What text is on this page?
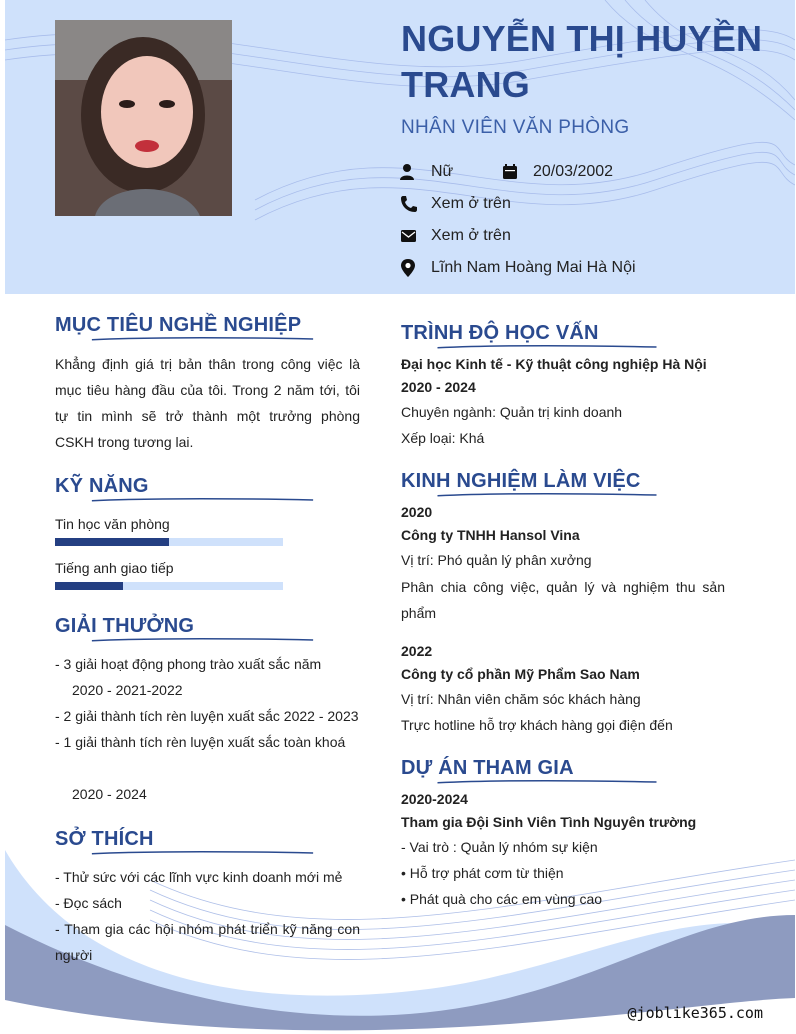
NGUYỄN THỊ HUYỀN TRANG
NHÂN VIÊN VĂN PHÒNG
Nữ	20/03/2002
Xem ở trên
Xem ở trên
Lĩnh Nam Hoàng Mai Hà Nội
MỤC TIÊU NGHỀ NGHIỆP
Khẳng định giá trị bản thân trong công việc là mục tiêu hàng đầu của tôi. Trong 2 năm tới, tôi tự tin mình sẽ trở thành một trưởng phòng CSKH trong tương lai.
KỸ NĂNG
Tin học văn phòng
Tiếng anh giao tiếp
GIẢI THƯỞNG
- 3 giải hoạt động phong trào xuất sắc năm
2020 - 2021-2022
- 2 giải thành tích rèn luyện xuất sắc 2022 - 2023
- 1 giải thành tích rèn luyện xuất sắc toàn khoá
2020 - 2024
SỞ THÍCH
- Thử sức với các lĩnh vực kinh doanh mới mẻ
- Đọc sách
- Tham gia các hội nhóm phát triển kỹ năng con người
TRÌNH ĐỘ HỌC VẤN
Đại học Kinh tế - Kỹ thuật công nghiệp Hà Nội
2020 - 2024
Chuyên ngành: Quản trị kinh doanh
Xếp loại: Khá
KINH NGHIỆM LÀM VIỆC
2020
Công ty TNHH Hansol Vina
Vị trí: Phó quản lý phân xưởng
Phân chia công việc, quản lý và nghiệm thu sản phẩm
2022
Công ty cổ phần Mỹ Phẩm Sao Nam
Vị trí: Nhân viên chăm sóc khách hàng
Trực hotline hỗ trợ khách hàng gọi điện đến
DỰ ÁN THAM GIA
2020-2024
Tham gia Đội Sinh Viên Tình Nguyên trường
- Vai trò : Quản lý nhóm sự kiện
• Hỗ trợ phát cơm từ thiện
• Phát quà cho các em vùng cao
@joblike365.com
